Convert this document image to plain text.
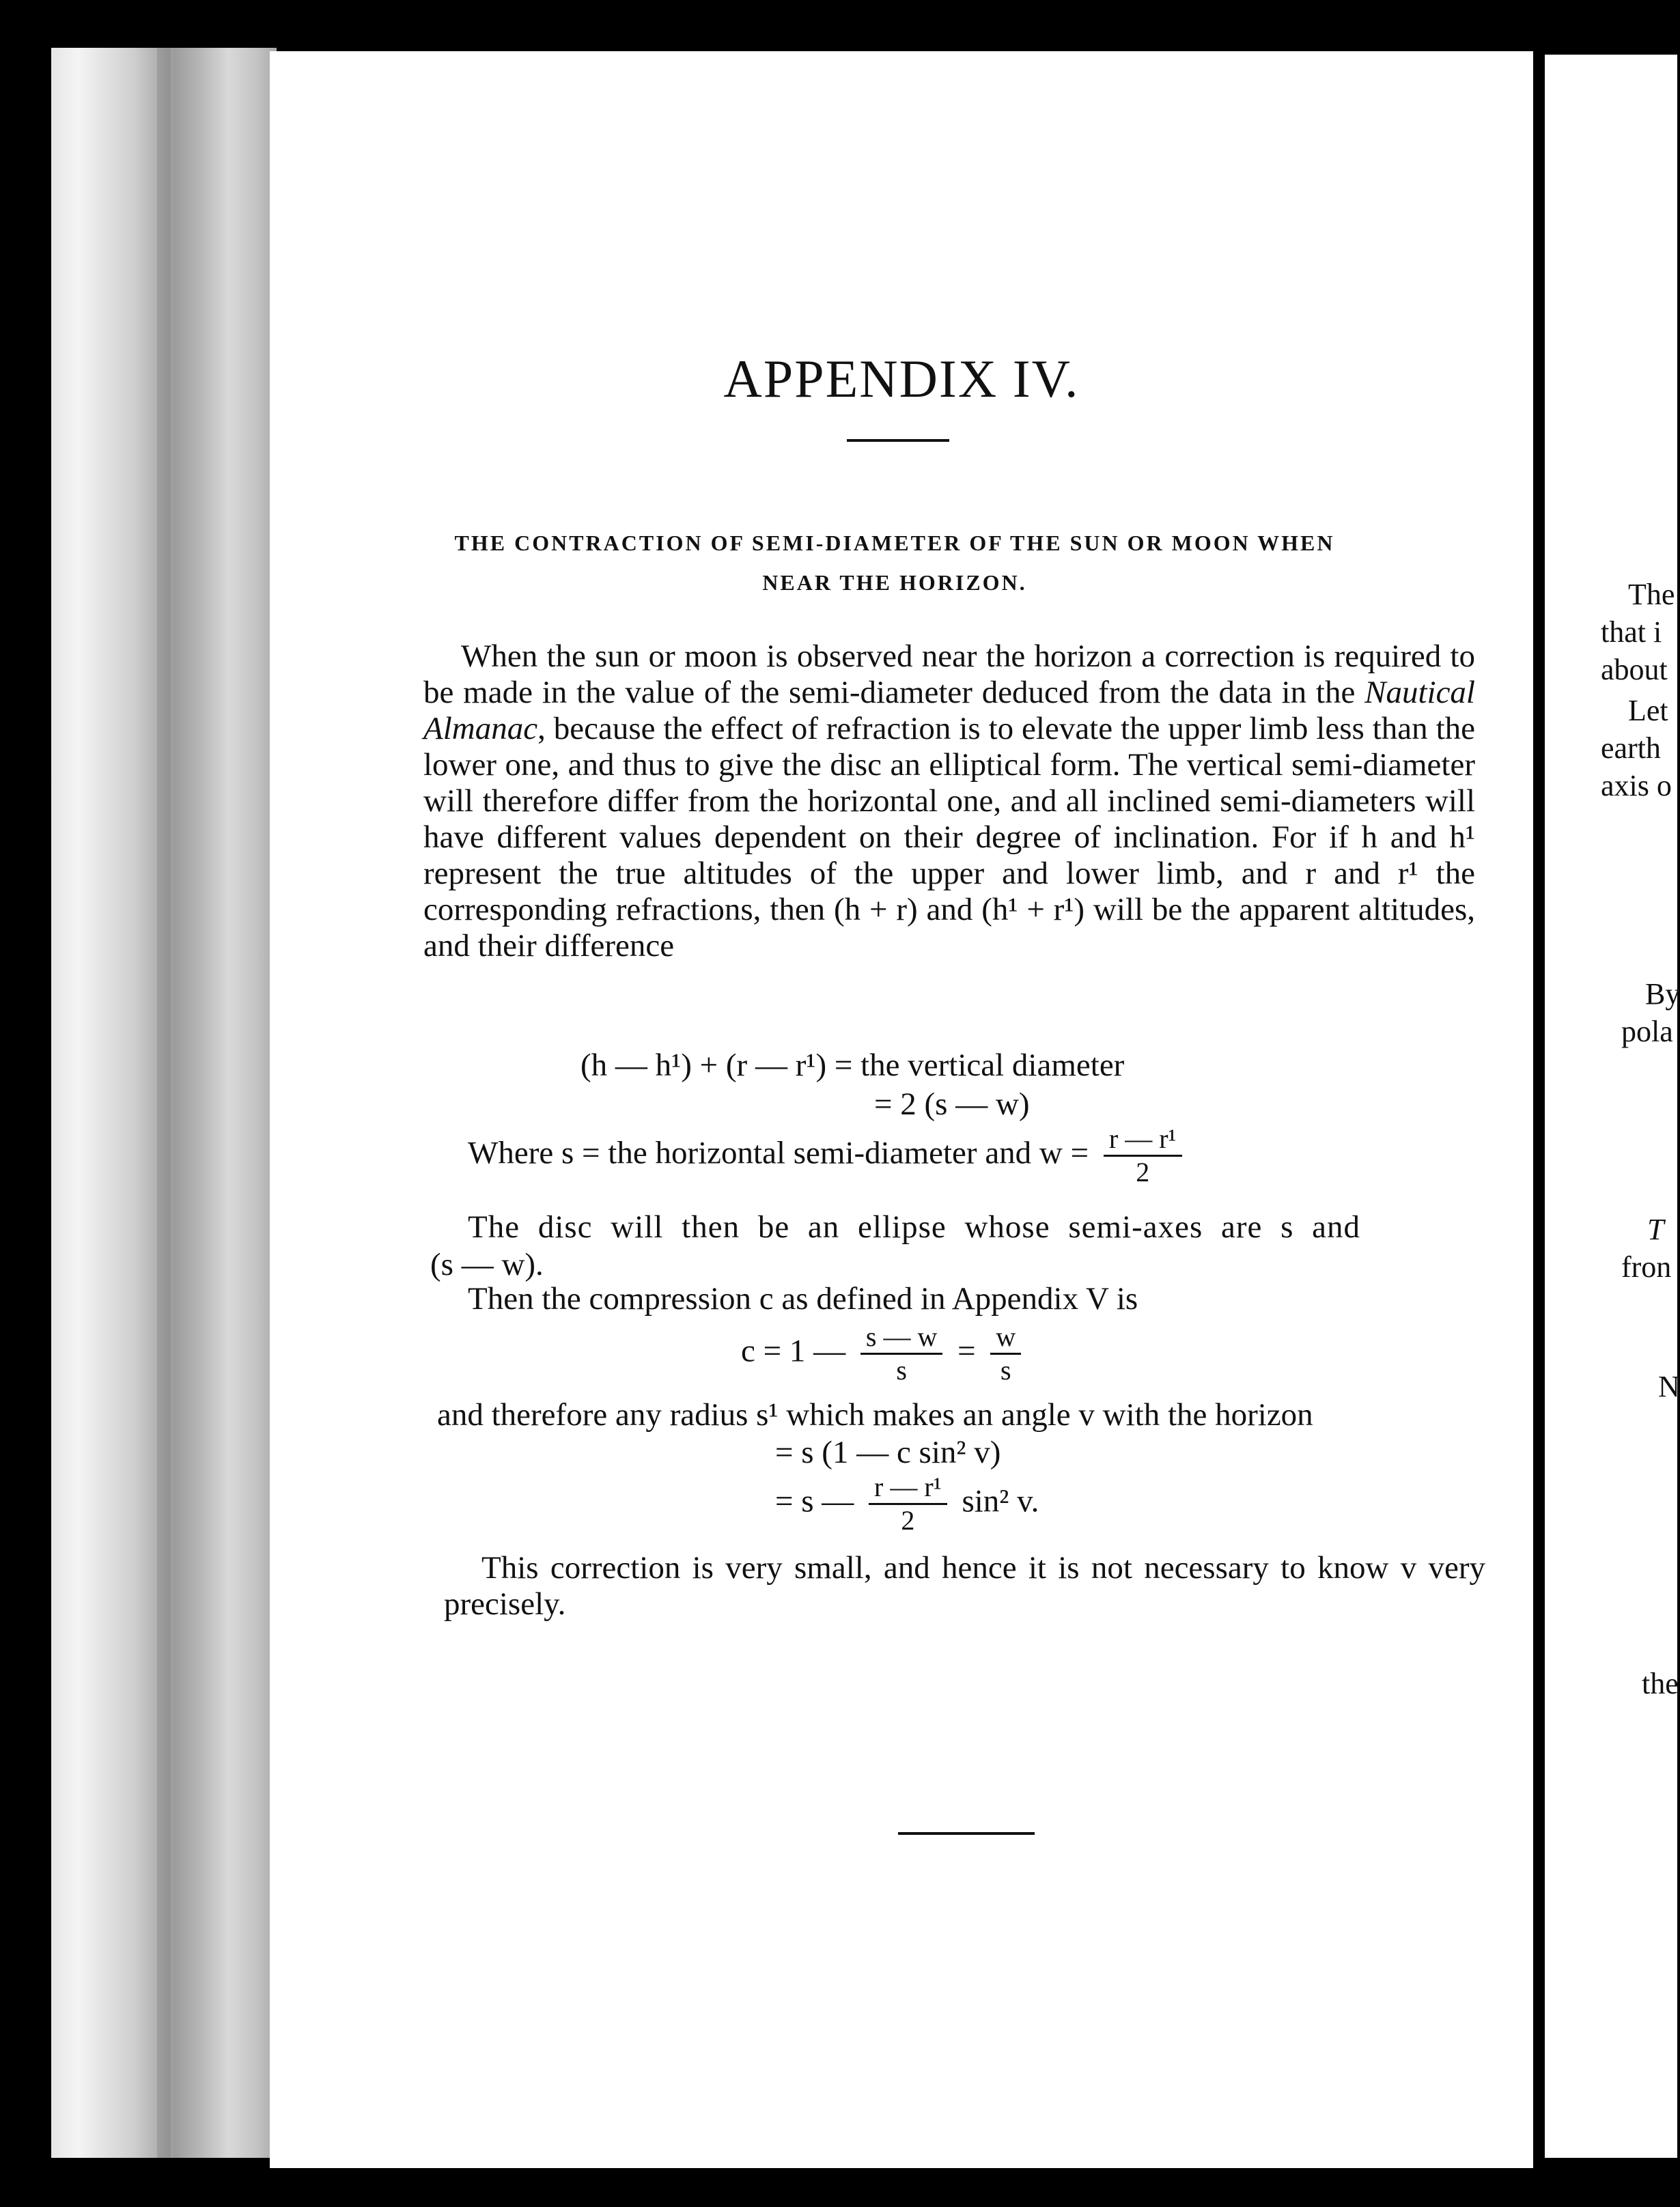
APPENDIX IV.
THE CONTRACTION OF SEMI-DIAMETER OF THE SUN OR MOON WHEN
NEAR THE HORIZON.

When the sun or moon is observed near the horizon a correction is required to be made in the value of the semi-diameter deduced from the data in the Nautical Almanac, because the effect of refraction is to elevate the upper limb less than the lower one, and thus to give the disc an elliptical form. The vertical semi-diameter will therefore differ from the horizontal one, and all inclined semi-diameters will have different values dependent on their degree of inclination. For if h and h¹ represent the true altitudes of the upper and lower limb, and r and r¹ the corresponding refractions, then (h + r) and (h¹ + r¹) will be the apparent altitudes, and their difference

(h — h¹) + (r — r¹) = the vertical diameter
= 2 (s — w)
Where s = the horizontal semi-diameter and $w = \frac{\text{r — r¹}}{2}$
The disc will then be an ellipse whose semi-axes are s and
(s — w).
Then the compression c as defined in Appendix V is
c = 1 — $\frac{s — w}{s} = \frac{w}{s}$
and therefore any radius s¹ which makes an angle v with the horizon
= s (1 — c sin² v)
= s — $\frac{\text{r — r¹}}{2} \sin^2$ v.

This correction is very small, and hence it is not necessary to know v very precisely.

The
that i
about
Let
earth
axis o
By
pola
T
fron
N
the
